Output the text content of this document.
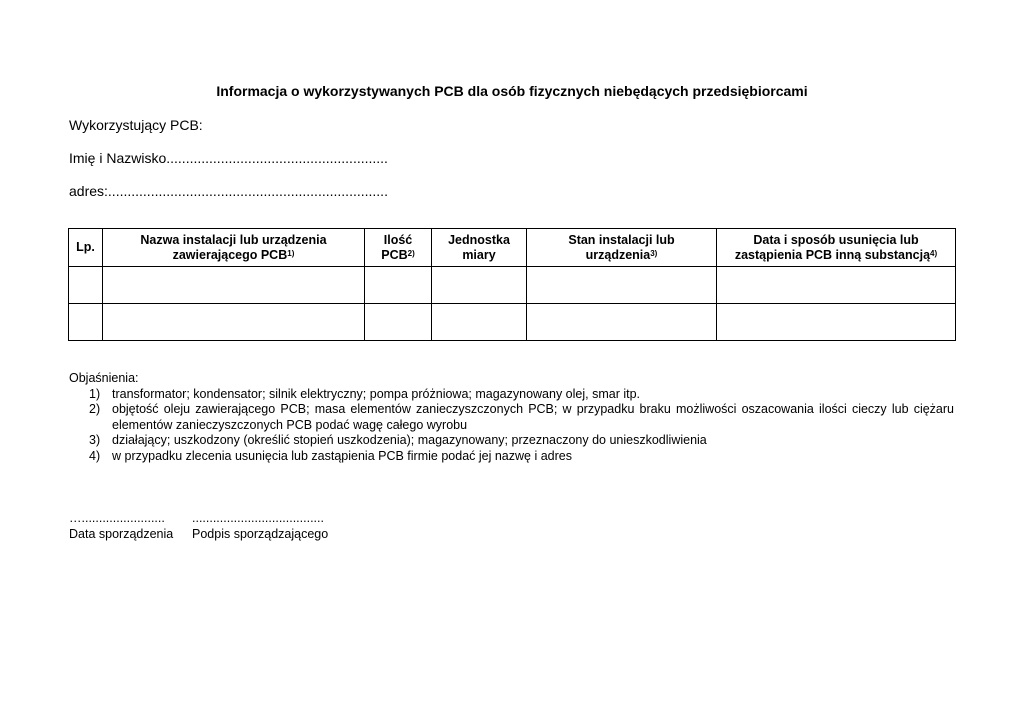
Informacja o wykorzystywanych PCB dla osób fizycznych niebędących przedsiębiorcami
Wykorzystujący PCB:
Imię i Nazwisko.........................................................
adres:........................................................................
Lp.	Nazwa instalacji lub urządzenia zawierającego PCB$^{1)}$	Ilość PCB$^{2)}$	Jednostka miary	Stan instalacji lub urządzenia$^{3)}$	Data i sposób usunięcia lub zastąpienia PCB inną substancją$^{4)}$

Objaśnienia:
1) transformator; kondensator; silnik elektryczny; pompa próżniowa; magazynowany olej, smar itp.
2) objętość oleju zawierającego PCB; masa elementów zanieczyszczonych PCB; w przypadku braku możliwości oszacowania ilości cieczy lub ciężaru elementów zanieczyszczonych PCB podać wagę całego wyrobu
3) działający; uszkodzony (określić stopień uszkodzenia); magazynowany; przeznaczony do unieszkodliwienia
4) w przypadku zlecenia usunięcia lub zastąpienia PCB firmie podać jej nazwę i adres
…........................
Data sporządzenia
......................................
Podpis sporządzającego
